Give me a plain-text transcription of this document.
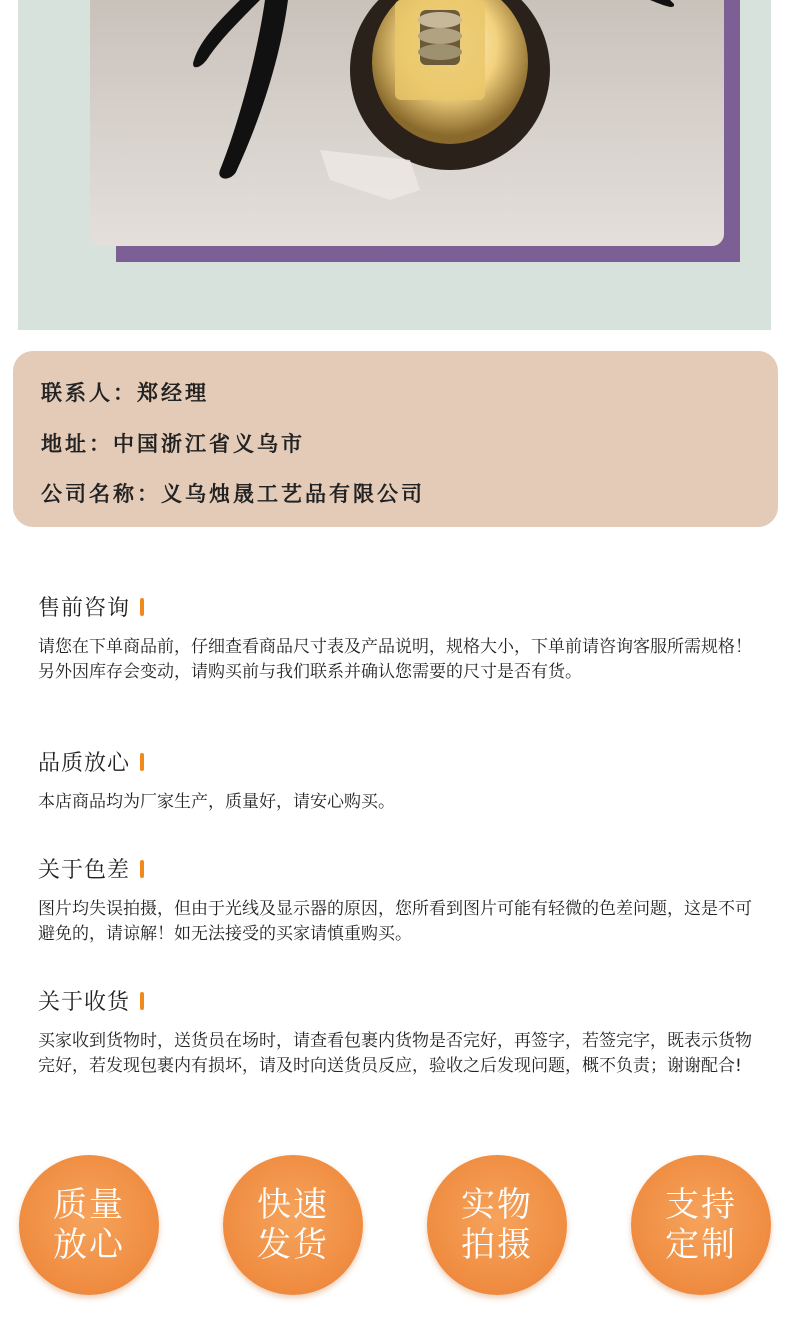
联系人：郑经理
地址：中国浙江省义乌市
公司名称：义乌烛晟工艺品有限公司
售前咨询
请您在下单商品前，仔细查看商品尺寸表及产品说明，规格大小，下单前请咨询客服所需规格！另外因库存会变动，请购买前与我们联系并确认您需要的尺寸是否有货。
品质放心
本店商品均为厂家生产，质量好，请安心购买。
关于色差
图片均失误拍摄，但由于光线及显示器的原因，您所看到图片可能有轻微的色差问题，这是不可避免的，请谅解！如无法接受的买家请慎重购买。
关于收货
买家收到货物时，送货员在场时，请查看包裹内货物是否完好，再签字，若签完字，既表示货物完好，若发现包裹内有损坏，请及时向送货员反应，验收之后发现问题，概不负责；谢谢配合!
质量
放心
快速
发货
实物
拍摄
支持
定制
